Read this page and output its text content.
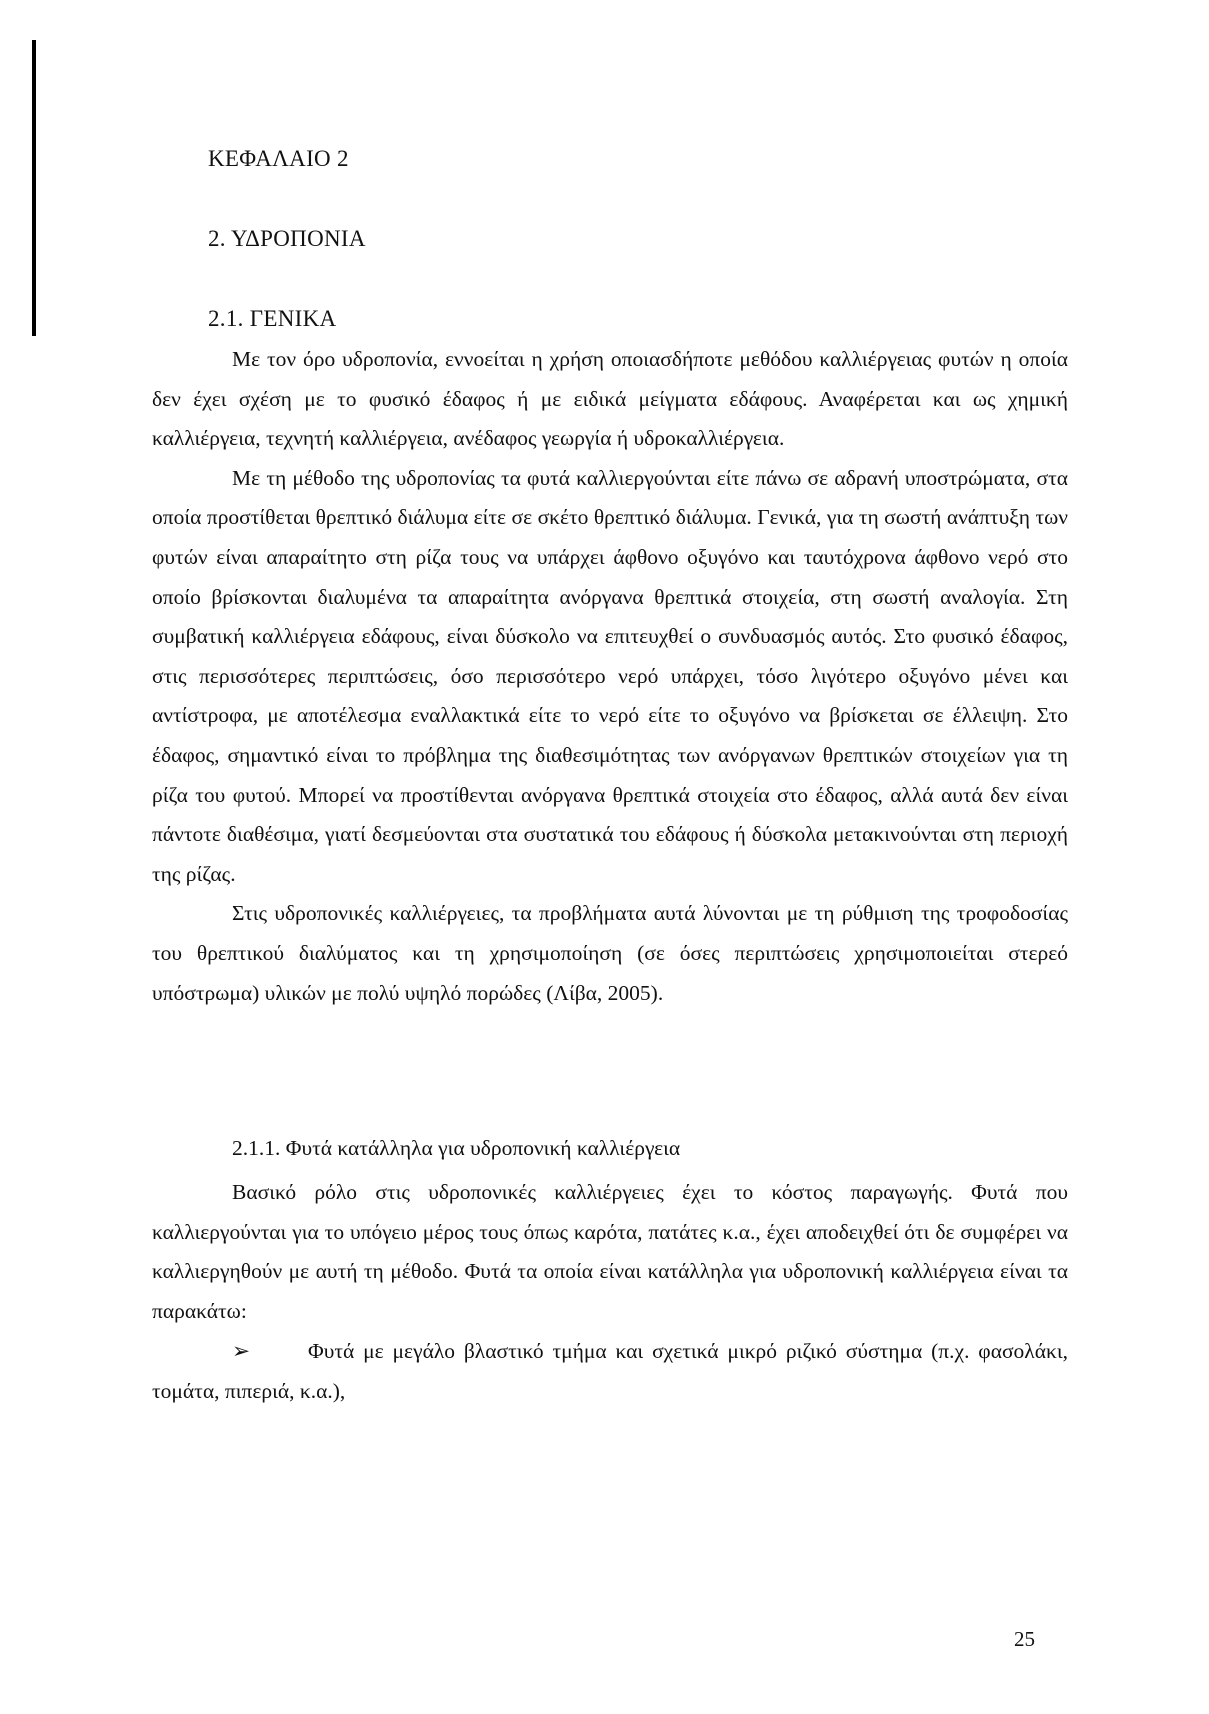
ΚΕΦΑΛΑΙΟ 2
2. ΥΔΡΟΠΟΝΙΑ
2.1. ΓΕΝΙΚΑ

Με τον όρο υδροπονία, εννοείται η χρήση οποιασδήποτε μεθόδου καλλιέργειας φυτών η οποία δεν έχει σχέση με το φυσικό έδαφος ή με ειδικά μείγματα εδάφους. Αναφέρεται και ως χημική καλλιέργεια, τεχνητή καλλιέργεια, ανέδαφος γεωργία ή υδροκαλλιέργεια.

Με τη μέθοδο της υδροπονίας τα φυτά καλλιεργούνται είτε πάνω σε αδρανή υποστρώματα, στα οποία προστίθεται θρεπτικό διάλυμα είτε σε σκέτο θρεπτικό διάλυμα. Γενικά, για τη σωστή ανάπτυξη των φυτών είναι απαραίτητο στη ρίζα τους να υπάρχει άφθονο οξυγόνο και ταυτόχρονα άφθονο νερό στο οποίο βρίσκονται διαλυμένα τα απαραίτητα ανόργανα θρεπτικά στοιχεία, στη σωστή αναλογία. Στη συμβατική καλλιέργεια εδάφους, είναι δύσκολο να επιτευχθεί ο συνδυασμός αυτός. Στο φυσικό έδαφος, στις περισσότερες περιπτώσεις, όσο περισσότερο νερό υπάρχει, τόσο λιγότερο οξυγόνο μένει και αντίστροφα, με αποτέλεσμα εναλλακτικά είτε το νερό είτε το οξυγόνο να βρίσκεται σε έλλειψη. Στο έδαφος, σημαντικό είναι το πρόβλημα της διαθεσιμότητας των ανόργανων θρεπτικών στοιχείων για τη ρίζα του φυτού. Μπορεί να προστίθενται ανόργανα θρεπτικά στοιχεία στο έδαφος, αλλά αυτά δεν είναι πάντοτε διαθέσιμα, γιατί δεσμεύονται στα συστατικά του εδάφους ή δύσκολα μετακινούνται στη περιοχή της ρίζας.

Στις υδροπονικές καλλιέργειες, τα προβλήματα αυτά λύνονται με τη ρύθμιση της τροφοδοσίας του θρεπτικού διαλύματος και τη χρησιμοποίηση (σε όσες περιπτώσεις χρησιμοποιείται στερεό υπόστρωμα) υλικών με πολύ υψηλό πορώδες (Λίβα, 2005).

2.1.1. Φυτά κατάλληλα για υδροπονική καλλιέργεια

Βασικό ρόλο στις υδροπονικές καλλιέργειες έχει το κόστος παραγωγής. Φυτά που καλλιεργούνται για το υπόγειο μέρος τους όπως καρότα, πατάτες κ.α., έχει αποδειχθεί ότι δε συμφέρει να καλλιεργηθούν με αυτή τη μέθοδο. Φυτά τα οποία είναι κατάλληλα για υδροπονική καλλιέργεια είναι τα παρακάτω:

➢	Φυτά με μεγάλο βλαστικό τμήμα και σχετικά μικρό ριζικό σύστημα (π.χ. φασολάκι, τομάτα, πιπεριά, κ.α.),
25
